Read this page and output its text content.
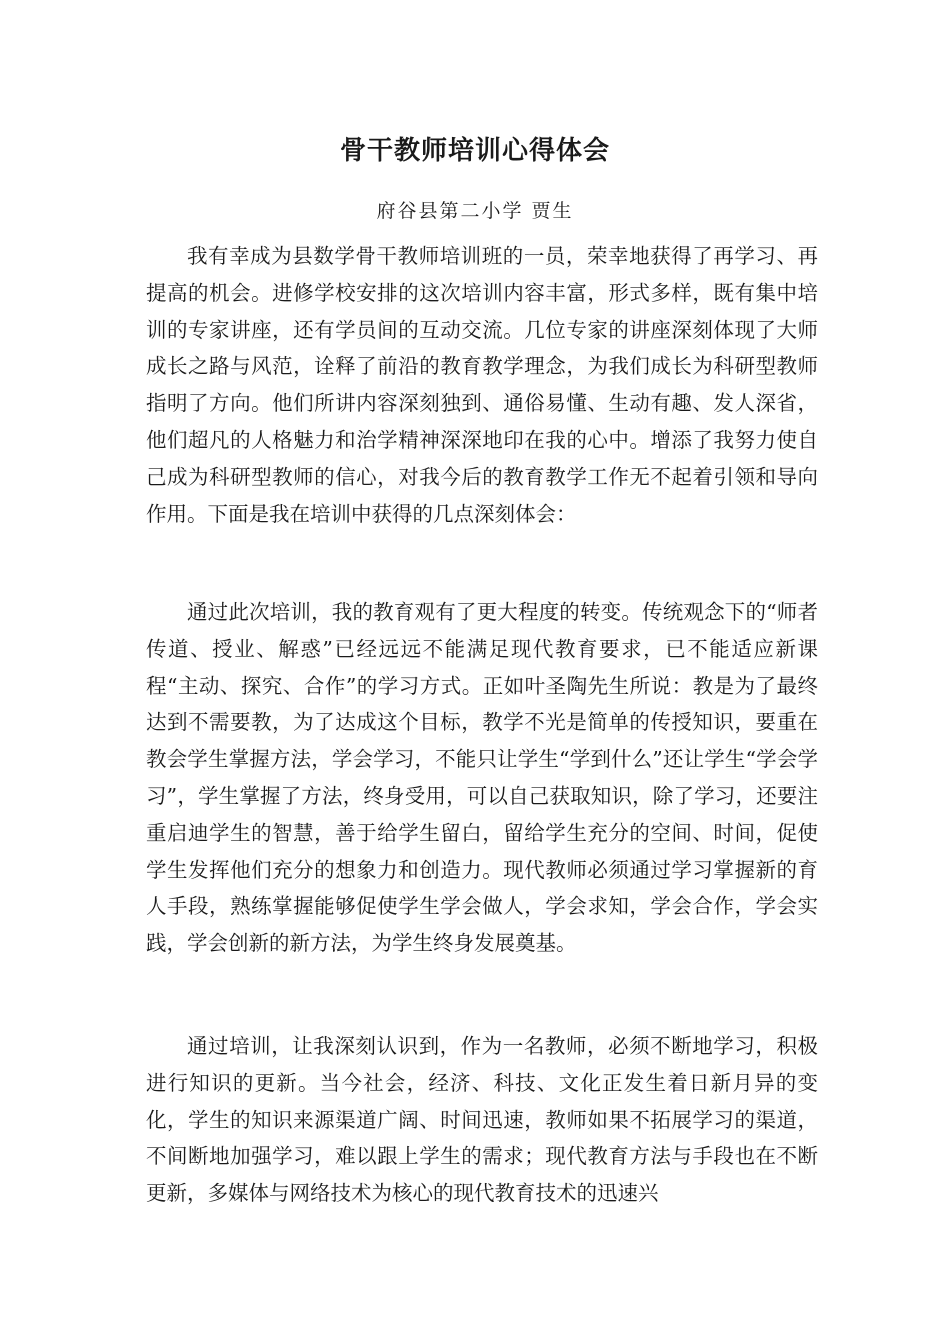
骨干教师培训心得体会

府谷县第二小学 贾生

我有幸成为县数学骨干教师培训班的一员，荣幸地获得了再学习、再提高的机会。进修学校安排的这次培训内容丰富，形式多样，既有集中培训的专家讲座，还有学员间的互动交流。几位专家的讲座深刻体现了大师成长之路与风范，诠释了前沿的教育教学理念，为我们成长为科研型教师指明了方向。他们所讲内容深刻独到、通俗易懂、生动有趣、发人深省，他们超凡的人格魅力和治学精神深深地印在我的心中。增添了我努力使自己成为科研型教师的信心，对我今后的教育教学工作无不起着引领和导向作用。下面是我在培训中获得的几点深刻体会：

通过此次培训，我的教育观有了更大程度的转变。传统观念下的“师者传道、授业、解惑”已经远远不能满足现代教育要求，已不能适应新课程“主动、探究、合作”的学习方式。正如叶圣陶先生所说：教是为了最终达到不需要教，为了达成这个目标，教学不光是简单的传授知识，要重在教会学生掌握方法，学会学习，不能只让学生“学到什么”还让学生“学会学习”，学生掌握了方法，终身受用，可以自己获取知识，除了学习，还要注重启迪学生的智慧，善于给学生留白，留给学生充分的空间、时间，促使学生发挥他们充分的想象力和创造力。现代教师必须通过学习掌握新的育人手段，熟练掌握能够促使学生学会做人，学会求知，学会合作，学会实践，学会创新的新方法，为学生终身发展奠基。

通过培训，让我深刻认识到，作为一名教师，必须不断地学习，积极进行知识的更新。当今社会，经济、科技、文化正发生着日新月异的变化，学生的知识来源渠道广阔、时间迅速，教师如果不拓展学习的渠道，不间断地加强学习，难以跟上学生的需求；现代教育方法与手段也在不断更新，多媒体与网络技术为核心的现代教育技术的迅速兴
